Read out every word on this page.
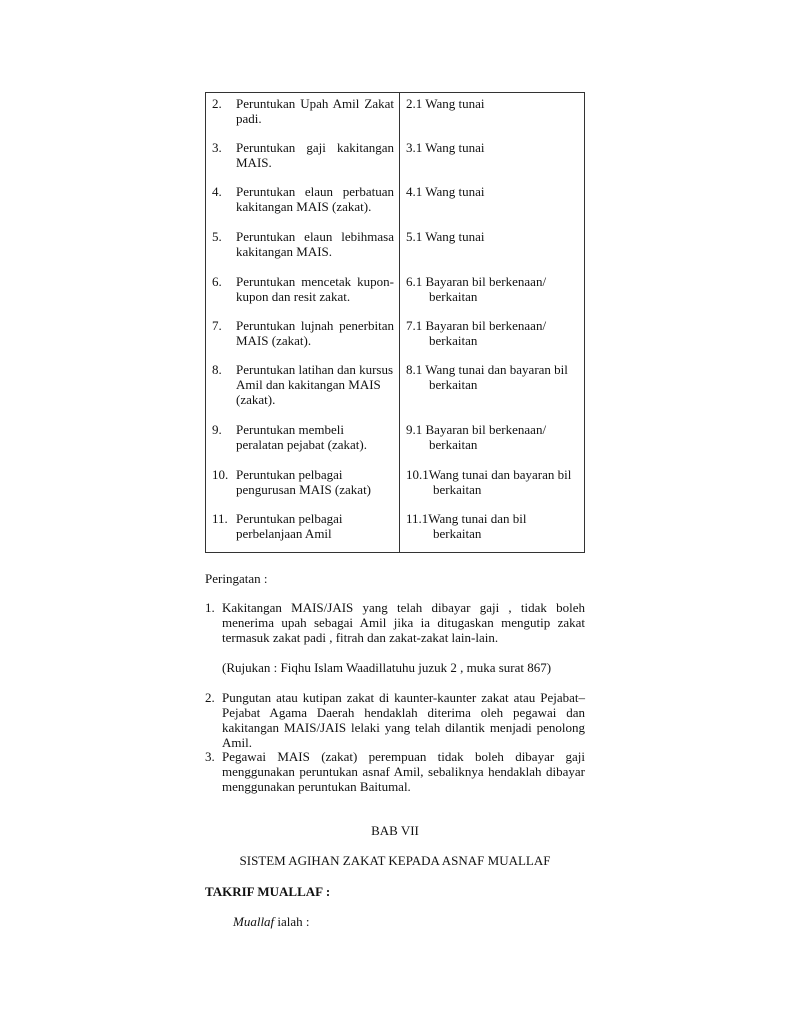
2. Peruntukan Upah Amil Zakat padi.
2.1 Wang tunai
3. Peruntukan gaji kakitangan MAIS.
3.1 Wang tunai
4. Peruntukan elaun perbatuan kakitangan MAIS (zakat).
4.1 Wang tunai
5. Peruntukan elaun lebihmasa kakitangan MAIS.
5.1 Wang tunai
6. Peruntukan mencetak kupon-kupon dan resit zakat.
6.1 Bayaran bil berkenaan/
berkaitan
7. Peruntukan lujnah penerbitan MAIS (zakat).
7.1 Bayaran bil berkenaan/
berkaitan
8. Peruntukan latihan dan kursus Amil dan kakitangan MAIS (zakat).
8.1 Wang tunai dan bayaran bil
berkaitan
9. Peruntukan membeli peralatan pejabat (zakat).
9.1 Bayaran bil berkenaan/
berkaitan
10. Peruntukan pelbagai pengurusan MAIS (zakat)
10.1Wang tunai dan bayaran bil
berkaitan
11. Peruntukan pelbagai perbelanjaan Amil
11.1Wang tunai dan bil
berkaitan
Peringatan :
1. Kakitangan MAIS/JAIS yang telah dibayar gaji , tidak boleh menerima upah sebagai Amil jika ia ditugaskan mengutip zakat termasuk zakat padi , fitrah dan zakat-zakat lain-lain.
(Rujukan : Fiqhu Islam Waadillatuhu juzuk 2 , muka surat 867)
2. Pungutan atau kutipan zakat di kaunter-kaunter zakat atau Pejabat–Pejabat Agama Daerah hendaklah diterima oleh pegawai dan kakitangan MAIS/JAIS lelaki yang telah dilantik menjadi penolong Amil.
3. Pegawai MAIS (zakat) perempuan tidak boleh dibayar gaji menggunakan peruntukan asnaf Amil, sebaliknya hendaklah dibayar menggunakan peruntukan Baitumal.
BAB VII
SISTEM AGIHAN ZAKAT KEPADA ASNAF MUALLAF
TAKRIF MUALLAF :
Muallaf ialah :
